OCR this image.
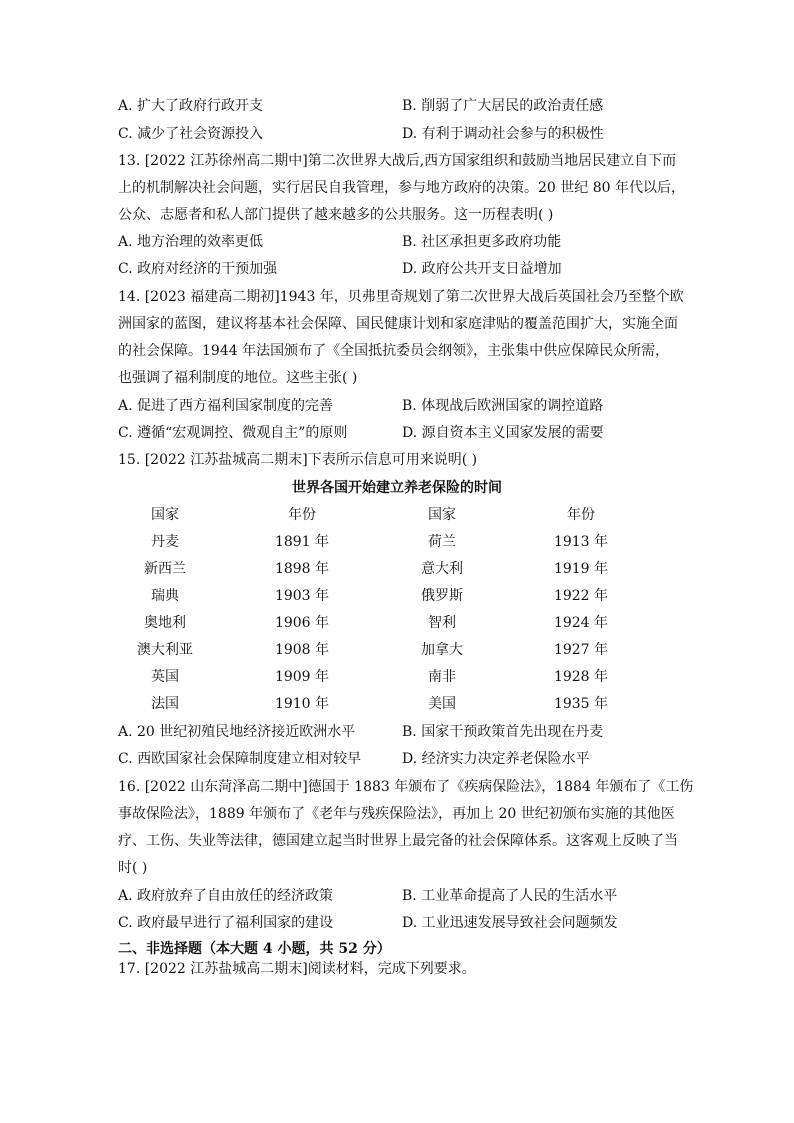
A. 扩大了政府行政开支	B. 削弱了广大居民的政治责任感
C. 减少了社会资源投入	D. 有利于调动社会参与的积极性
13. [2022 江苏徐州高二期中]第二次世界大战后,西方国家组织和鼓励当地居民建立自下而
上的机制解决社会问题，实行居民自我管理，参与地方政府的决策。20 世纪 80 年代以后，
公众、志愿者和私人部门提供了越来越多的公共服务。这一历程表明( )
A. 地方治理的效率更低	B. 社区承担更多政府功能
C. 政府对经济的干预加强	D. 政府公共开支日益增加
14. [2023 福建高二期初]1943 年，贝弗里奇规划了第二次世界大战后英国社会乃至整个欧
洲国家的蓝图，建议将基本社会保障、国民健康计划和家庭津贴的覆盖范围扩大，实施全面
的社会保障。1944 年法国颁布了《全国抵抗委员会纲领》，主张集中供应保障民众所需，
也强调了福利制度的地位。这些主张( )
A. 促进了西方福利国家制度的完善	B. 体现战后欧洲国家的调控道路
C. 遵循“宏观调控、微观自主”的原则	D. 源自资本主义国家发展的需要
15. [2022 江苏盐城高二期末]下表所示信息可用来说明( )
世界各国开始建立养老保险的时间
国家	年份	国家	年份
丹麦	1891 年	荷兰	1913 年
新西兰	1898 年	意大利	1919 年
瑞典	1903 年	俄罗斯	1922 年
奥地利	1906 年	智利	1924 年
澳大利亚	1908 年	加拿大	1927 年
英国	1909 年	南非	1928 年
法国	1910 年	美国	1935 年
A. 20 世纪初殖民地经济接近欧洲水平	B. 国家干预政策首先出现在丹麦
C. 西欧国家社会保障制度建立相对较早	D. 经济实力决定养老保险水平
16. [2022 山东菏泽高二期中]德国于 1883 年颁布了《疾病保险法》，1884 年颁布了《工伤
事故保险法》，1889 年颁布了《老年与残疾保险法》，再加上 20 世纪初颁布实施的其他医
疗、工伤、失业等法律，德国建立起当时世界上最完备的社会保障体系。这客观上反映了当
时( )
A. 政府放弃了自由放任的经济政策	B. 工业革命提高了人民的生活水平
C. 政府最早进行了福利国家的建设	D. 工业迅速发展导致社会问题频发
二、非选择题（本大题 4 小题，共 52 分）
17. [2022 江苏盐城高二期末]阅读材料，完成下列要求。
